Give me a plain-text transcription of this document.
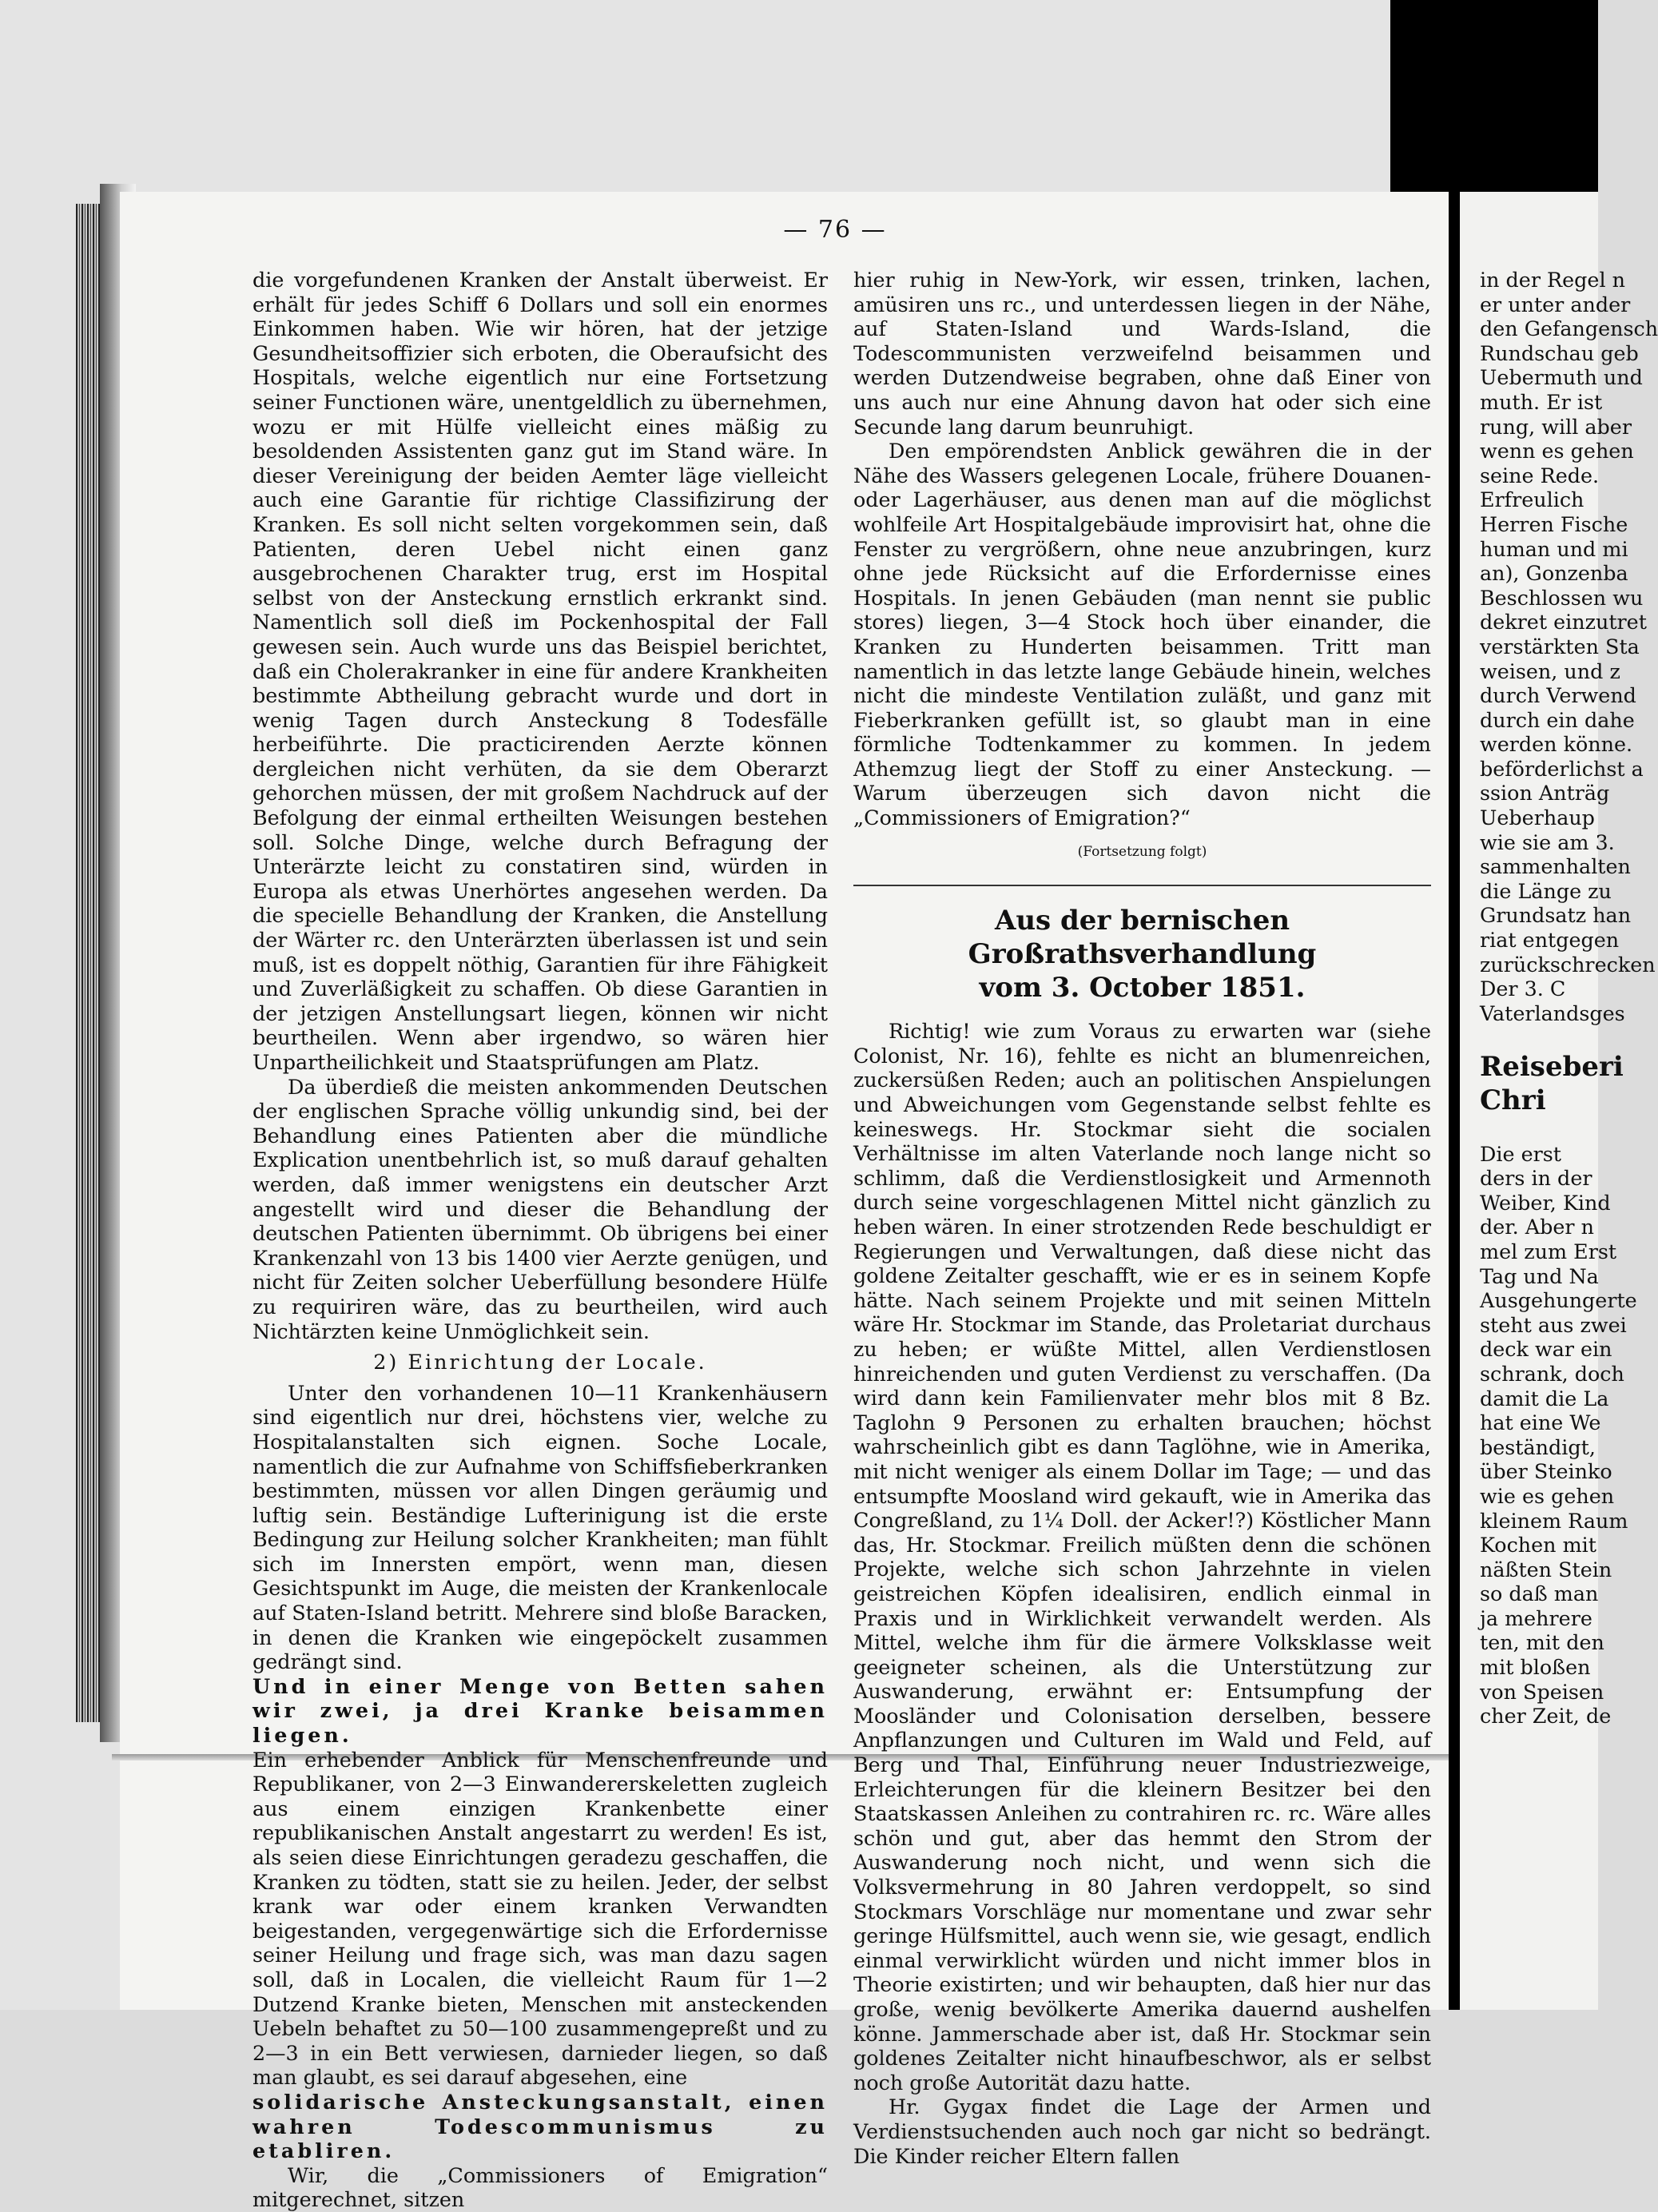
— 76 —

die vorgefundenen Kranken der Anstalt überweist. Er erhält für jedes Schiff 6 Dollars und soll ein enormes Einkommen haben. Wie wir hören, hat der jetzige Gesundheitsoffizier sich erboten, die Oberaufsicht des Hospitals, welche eigentlich nur eine Fortsetzung seiner Functionen wäre, unentgeldlich zu übernehmen, wozu er mit Hülfe vielleicht eines mäßig zu besoldenden Assistenten ganz gut im Stand wäre. In dieser Vereinigung der beiden Aemter läge vielleicht auch eine Garantie für richtige Classifizirung der Kranken. Es soll nicht selten vorgekommen sein, daß Patienten, deren Uebel nicht einen ganz ausgebrochenen Charakter trug, erst im Hospital selbst von der Ansteckung ernstlich erkrankt sind. Namentlich soll dieß im Pockenhospital der Fall gewesen sein. Auch wurde uns das Beispiel berichtet, daß ein Cholerakranker in eine für andere Krankheiten bestimmte Abtheilung gebracht wurde und dort in wenig Tagen durch Ansteckung 8 Todesfälle herbeiführte. Die practicirenden Aerzte können dergleichen nicht verhüten, da sie dem Oberarzt gehorchen müssen, der mit großem Nachdruck auf der Befolgung der einmal ertheilten Weisungen bestehen soll. Solche Dinge, welche durch Befragung der Unterärzte leicht zu constatiren sind, würden in Europa als etwas Unerhörtes angesehen werden. Da die specielle Behandlung der Kranken, die Anstellung der Wärter rc. den Unterärzten überlassen ist und sein muß, ist es doppelt nöthig, Garantien für ihre Fähigkeit und Zuverläßigkeit zu schaffen. Ob diese Garantien in der jetzigen Anstellungsart liegen, können wir nicht beurtheilen. Wenn aber irgendwo, so wären hier Unpartheilichkeit und Staatsprüfungen am Platz.

Da überdieß die meisten ankommenden Deutschen der englischen Sprache völlig unkundig sind, bei der Behandlung eines Patienten aber die mündliche Explication unentbehrlich ist, so muß darauf gehalten werden, daß immer wenigstens ein deutscher Arzt angestellt wird und dieser die Behandlung der deutschen Patienten übernimmt. Ob übrigens bei einer Krankenzahl von 13 bis 1400 vier Aerzte genügen, und nicht für Zeiten solcher Ueberfüllung besondere Hülfe zu requiriren wäre, das zu beurtheilen, wird auch Nichtärzten keine Unmöglichkeit sein.

2) Einrichtung der Locale.

Unter den vorhandenen 10—11 Krankenhäusern sind eigentlich nur drei, höchstens vier, welche zu Hospitalanstalten sich eignen. Soche Locale, namentlich die zur Aufnahme von Schiffsfieberkranken bestimmten, müssen vor allen Dingen geräumig und luftig sein. Beständige Lufterinigung ist die erste Bedingung zur Heilung solcher Krankheiten; man fühlt sich im Innersten empört, wenn man, diesen Gesichtspunkt im Auge, die meisten der Krankenlocale auf Staten-Island betritt. Mehrere sind bloße Baracken, in denen die Kranken wie eingepöckelt zusammen gedrängt sind.

Und in einer Menge von Betten sahen wir zwei, ja drei Kranke beisammen liegen.

Ein erhebender Anblick für Menschenfreunde und Republikaner, von 2—3 Einwandererskeletten zugleich aus einem einzigen Krankenbette einer republikanischen Anstalt angestarrt zu werden! Es ist, als seien diese Einrichtungen geradezu geschaffen, die Kranken zu tödten, statt sie zu heilen. Jeder, der selbst krank war oder einem kranken Verwandten beigestanden, vergegenwärtige sich die Erfordernisse seiner Heilung und frage sich, was man dazu sagen soll, daß in Localen, die vielleicht Raum für 1—2 Dutzend Kranke bieten, Menschen mit ansteckenden Uebeln behaftet zu 50—100 zusammengepreßt und zu 2—3 in ein Bett verwiesen, darnieder liegen, so daß man glaubt, es sei darauf abgesehen, eine

solidarische Ansteckungsanstalt, einen wahren Todescommunismus zu etabliren.

Wir, die „Commissioners of Emigration“ mitgerechnet, sitzen

hier ruhig in New-York, wir essen, trinken, lachen, amüsiren uns rc., und unterdessen liegen in der Nähe, auf Staten-Island und Wards-Island, die Todescommunisten verzweifelnd beisammen und werden Dutzendweise begraben, ohne daß Einer von uns auch nur eine Ahnung davon hat oder sich eine Secunde lang darum beunruhigt.

Den empörendsten Anblick gewähren die in der Nähe des Wassers gelegenen Locale, frühere Douanen- oder Lagerhäuser, aus denen man auf die möglichst wohlfeile Art Hospitalgebäude improvisirt hat, ohne die Fenster zu vergrößern, ohne neue anzubringen, kurz ohne jede Rücksicht auf die Erfordernisse eines Hospitals. In jenen Gebäuden (man nennt sie public stores) liegen, 3—4 Stock hoch über einander, die Kranken zu Hunderten beisammen. Tritt man namentlich in das letzte lange Gebäude hinein, welches nicht die mindeste Ventilation zuläßt, und ganz mit Fieberkranken gefüllt ist, so glaubt man in eine förmliche Todtenkammer zu kommen. In jedem Athemzug liegt der Stoff zu einer Ansteckung. — Warum überzeugen sich davon nicht die „Commissioners of Emigration?“

(Fortsetzung folgt)
Aus der bernischen Großrathsverhandlung
vom 3. October 1851.

Richtig! wie zum Voraus zu erwarten war (siehe Colonist, Nr. 16), fehlte es nicht an blumenreichen, zuckersüßen Reden; auch an politischen Anspielungen und Abweichungen vom Gegenstande selbst fehlte es keineswegs. Hr. Stockmar sieht die socialen Verhältnisse im alten Vaterlande noch lange nicht so schlimm, daß die Verdienstlosigkeit und Armennoth durch seine vorgeschlagenen Mittel nicht gänzlich zu heben wären. In einer strotzenden Rede beschuldigt er Regierungen und Verwaltungen, daß diese nicht das goldene Zeitalter geschafft, wie er es in seinem Kopfe hätte. Nach seinem Projekte und mit seinen Mitteln wäre Hr. Stockmar im Stande, das Proletariat durchaus zu heben; er wüßte Mittel, allen Verdienstlosen hinreichenden und guten Verdienst zu verschaffen. (Da wird dann kein Familienvater mehr blos mit 8 Bz. Taglohn 9 Personen zu erhalten brauchen; höchst wahrscheinlich gibt es dann Taglöhne, wie in Amerika, mit nicht weniger als einem Dollar im Tage; — und das entsumpfte Moosland wird gekauft, wie in Amerika das Congreßland, zu 1¼ Doll. der Acker!?) Köstlicher Mann das, Hr. Stockmar. Freilich müßten denn die schönen Projekte, welche sich schon Jahrzehnte in vielen geistreichen Köpfen idealisiren, endlich einmal in Praxis und in Wirklichkeit verwandelt werden. Als Mittel, welche ihm für die ärmere Volksklasse weit geeigneter scheinen, als die Unterstützung zur Auswanderung, erwähnt er: Entsumpfung der Moosländer und Colonisation derselben, bessere Anpflanzungen und Culturen im Wald und Feld, auf Berg und Thal, Einführung neuer Industriezweige, Erleichterungen für die kleinern Besitzer bei den Staatskassen Anleihen zu contrahiren rc. rc. Wäre alles schön und gut, aber das hemmt den Strom der Auswanderung noch nicht, und wenn sich die Volksvermehrung in 80 Jahren verdoppelt, so sind Stockmars Vorschläge nur momentane und zwar sehr geringe Hülfsmittel, auch wenn sie, wie gesagt, endlich einmal verwirklicht würden und nicht immer blos in Theorie existirten; und wir behaupten, daß hier nur das große, wenig bevölkerte Amerika dauernd aushelfen könne. Jammerschade aber ist, daß Hr. Stockmar sein goldenes Zeitalter nicht hinaufbeschwor, als er selbst noch große Autorität dazu hatte.

Hr. Gygax findet die Lage der Armen und Verdienstsuchenden auch noch gar nicht so bedrängt. Die Kinder reicher Eltern fallen

in der Regel n
er unter ander
den Gefangensch
Rundschau geb
Uebermuth und
muth. Er ist
rung, will aber
wenn es gehen
seine Rede.
Erfreulich
Herren Fische
human und mi
an), Gonzenba
Beschlossen wu
dekret einzutret
verstärkten Sta
weisen, und z
durch Verwend
durch ein dahe
werden könne.
beförderlichst a
ssion Anträg
Ueberhaup
wie sie am 3.
sammenhalten
die Länge zu
Grundsatz han
riat entgegen
zurückschrecken
Der 3. C
Vaterlandsges
Reiseberi
Chri
Die erst
ders in der
Weiber, Kind
der. Aber n
mel zum Erst
Tag und Na
Ausgehungerte
steht aus zwei
deck war ein
schrank, doch
damit die La
hat eine We
beständigt,
über Steinko
wie es gehen
kleinem Raum
Kochen mit
näßten Stein
so daß man
ja mehrere
ten, mit den
mit bloßen
von Speisen
cher Zeit, de
